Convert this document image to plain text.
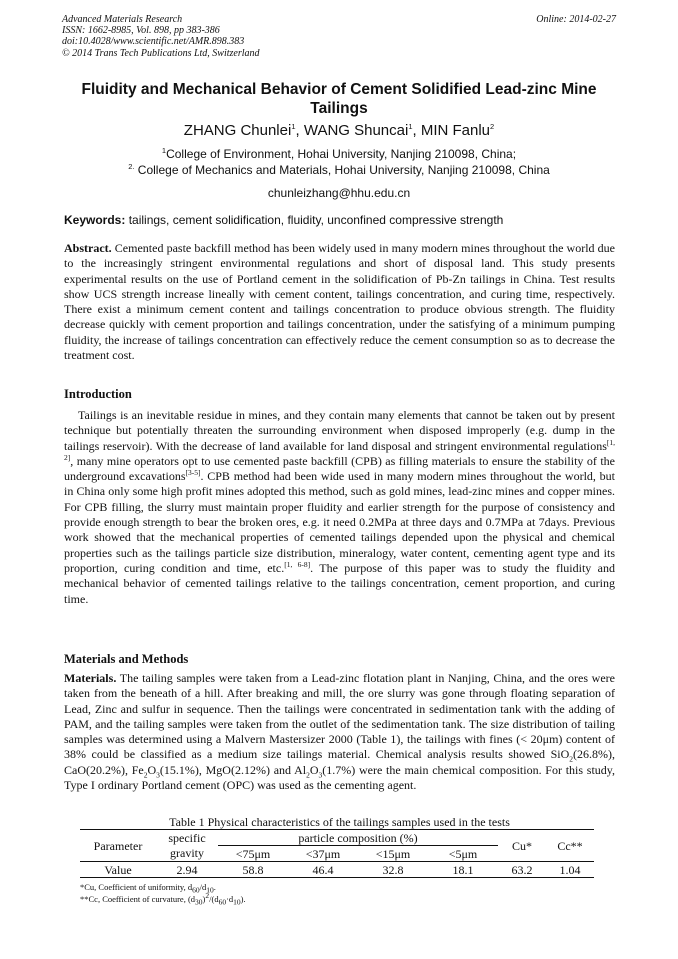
Advanced Materials Research
ISSN: 1662-8985, Vol. 898, pp 383-386
doi:10.4028/www.scientific.net/AMR.898.383
© 2014 Trans Tech Publications Ltd, Switzerland
Online: 2014-02-27
Fluidity and Mechanical Behavior of Cement Solidified Lead-zinc Mine
Tailings
ZHANG Chunlei$^1$, WANG Shuncai$^1$, MIN Fanlu$^2$
$^1$College of Environment, Hohai University, Nanjing 210098, China;
$^{2.}$ College of Mechanics and Materials, Hohai University, Nanjing 210098, China
chunleizhang@hhu.edu.cn
Keywords: tailings, cement solidification, fluidity, unconfined compressive strength
Abstract. Cemented paste backfill method has been widely used in many modern mines throughout the world due to the increasingly stringent environmental regulations and short of disposal land. This study presents experimental results on the use of Portland cement in the solidification of Pb-Zn tailings in China. Test results show UCS strength increase lineally with cement content, tailings concentration, and curing time, respectively. There exist a minimum cement content and tailings concentration to produce obvious strength. The fluidity decrease quickly with cement proportion and tailings concentration, under the satisfying of a minimum pumping fluidity, the increase of tailings concentration can effectively reduce the cement consumption so as to decrease the treatment cost.
Introduction
Tailings is an inevitable residue in mines, and they contain many elements that cannot be taken out by present technique but potentially threaten the surrounding environment when disposed improperly (e.g. dump in the tailings reservoir). With the decrease of land available for land disposal and stringent environmental regulations[1, 2], many mine operators opt to use cemented paste backfill (CPB) as filling materials to ensure the stability of the underground excavations[3-5]. CPB method had been wide used in many modern mines throughout the world, but in China only some high profit mines adopted this method, such as gold mines, lead-zinc mines and copper mines. For CPB filling, the slurry must maintain proper fluidity and earlier strength for the purpose of consistency and provide enough strength to bear the broken ores, e.g. it need 0.2MPa at three days and 0.7MPa at 7days. Previous work showed that the mechanical properties of cemented tailings depended upon the physical and chemical properties such as the tailings particle size distribution, mineralogy, water content, cementing agent type and its proportion, curing condition and time, etc.[1, 6-8]. The purpose of this paper was to study the fluidity and mechanical behavior of cemented tailings relative to the tailings concentration, cement proportion, and curing time.
Materials and Methods
Materials. The tailing samples were taken from a Lead-zinc flotation plant in Nanjing, China, and the ores were taken from the beneath of a hill. After breaking and mill, the ore slurry was gone through floating separation of Lead, Zinc and sulfur in sequence. Then the tailings were concentrated in sedimentation tank with the adding of PAM, and the tailing samples were taken from the outlet of the sedimentation tank. The size distribution of tailing samples was determined using a Malvern Mastersizer 2000 (Table 1), the tailings with fines (< 20μm) content of 38% could be classified as a medium size tailings material. Chemical analysis results showed SiO$_2$(26.8%), CaO(20.2%), $Fe_2O_3(15.1\%)$, MgO(2.12%) and $Al_2O_3(1.7\%)$ were the main chemical composition. For this study, Type I ordinary Portland cement (OPC) was used as the cementing agent.
Table 1 Physical characteristics of the tailings samples used in the tests
Parameter	specific	particle composition (%)				Cu*	Cc**
	gravity	<75μm	<37μm	<15μm	<5μm		
Value	2.94	58.8	46.4	32.8	18.1	63.2	1.04
*Cu, Coefficient of uniformity, $d_{60}/d_{10}$.
**Cc, Coefficient of curvature, $(d_{30})^2/(d_{60}\cdot d_{10})$.
